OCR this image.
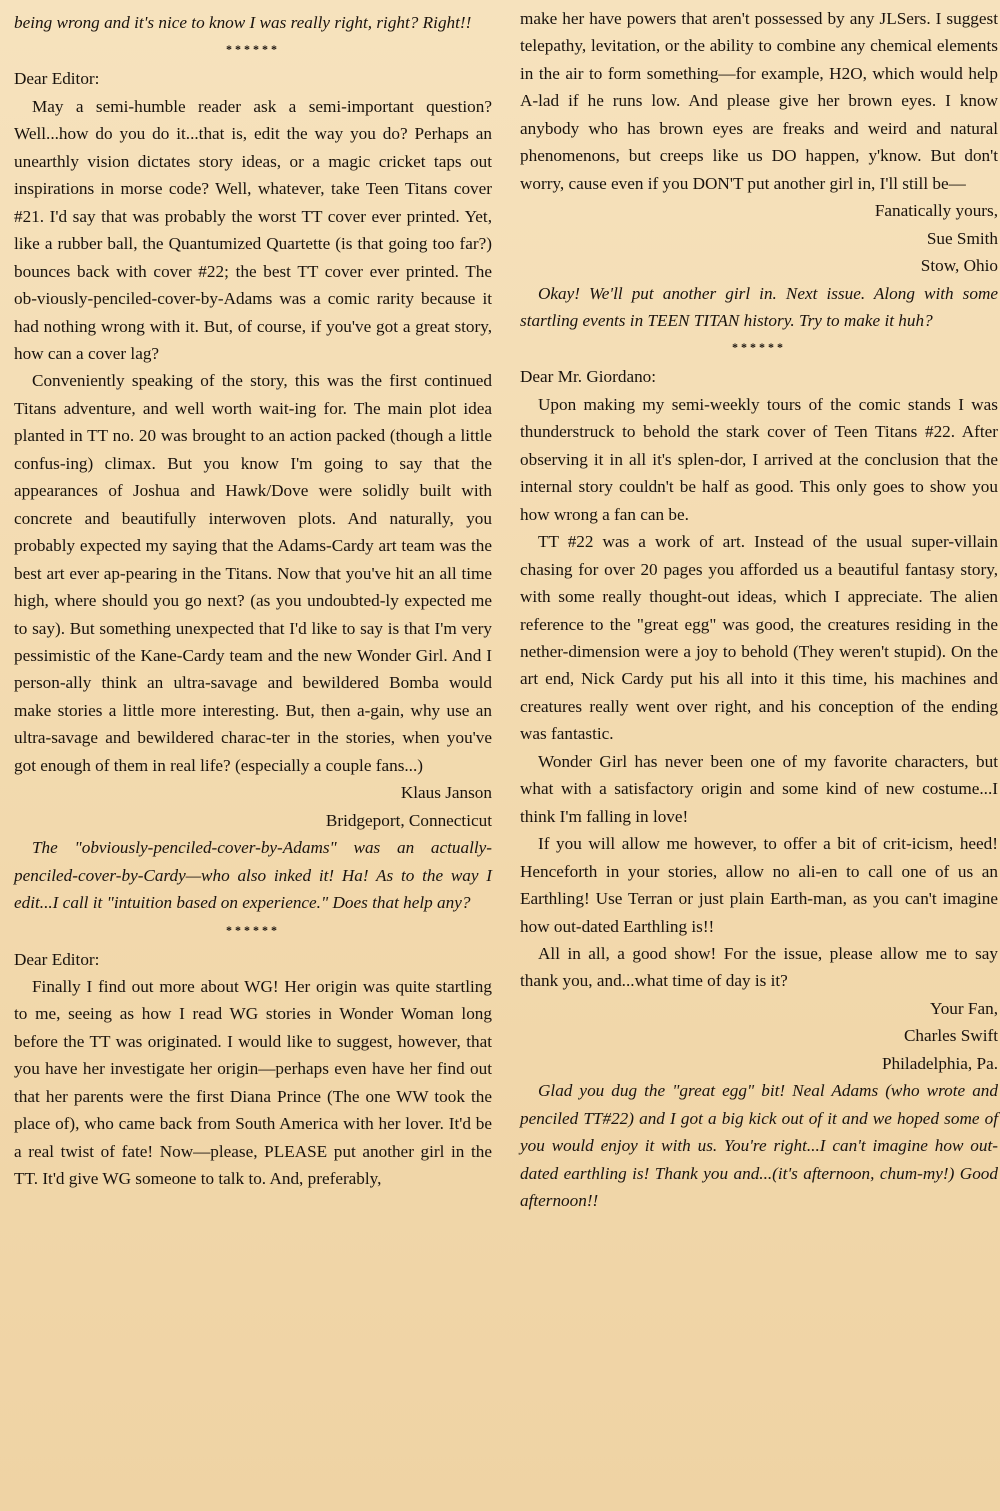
being wrong and it's nice to know I was really right, right? Right!!

******

Dear Editor:

May a semi-humble reader ask a semi-important question? Well...how do you do it...that is, edit the way you do? Perhaps an unearthly vision dictates story ideas, or a magic cricket taps out inspirations in morse code? Well, whatever, take Teen Titans cover #21. I'd say that was probably the worst TT cover ever printed. Yet, like a rubber ball, the Quantumized Quartette (is that going too far?) bounces back with cover #22; the best TT cover ever printed. The ob-viously-penciled-cover-by-Adams was a comic rarity because it had nothing wrong with it. But, of course, if you've got a great story, how can a cover lag?

Conveniently speaking of the story, this was the first continued Titans adventure, and well worth wait-ing for. The main plot idea planted in TT no. 20 was brought to an action packed (though a little confus-ing) climax. But you know I'm going to say that the appearances of Joshua and Hawk/Dove were solidly built with concrete and beautifully interwoven plots. And naturally, you probably expected my saying that the Adams-Cardy art team was the best art ever ap-pearing in the Titans. Now that you've hit an all time high, where should you go next? (as you undoubted-ly expected me to say). But something unexpected that I'd like to say is that I'm very pessimistic of the Kane-Cardy team and the new Wonder Girl. And I person-ally think an ultra-savage and bewildered Bomba would make stories a little more interesting. But, then a-gain, why use an ultra-savage and bewildered charac-ter in the stories, when you've got enough of them in real life? (especially a couple fans...)

Klaus Janson
Bridgeport, Connecticut

The "obviously-penciled-cover-by-Adams" was an actually-penciled-cover-by-Cardy—who also inked it! Ha! As to the way I edit...I call it "intuition based on experience." Does that help any?

******

Dear Editor:

Finally I find out more about WG! Her origin was quite startling to me, seeing as how I read WG stories in Wonder Woman long before the TT was originated. I would like to suggest, however, that you have her investigate her origin—perhaps even have her find out that her parents were the first Diana Prince (The one WW took the place of), who came back from South America with her lover. It'd be a real twist of fate! Now—please, PLEASE put another girl in the TT. It'd give WG someone to talk to. And, preferably,

make her have powers that aren't possessed by any JLSers. I suggest telepathy, levitation, or the ability to combine any chemical elements in the air to form something—for example, H2O, which would help A-lad if he runs low. And please give her brown eyes. I know anybody who has brown eyes are freaks and weird and natural phenomenons, but creeps like us DO happen, y'know. But don't worry, cause even if you DON'T put another girl in, I'll still be—

Fanatically yours,
Sue Smith
Stow, Ohio

Okay! We'll put another girl in. Next issue. Along with some startling events in TEEN TITAN history. Try to make it huh?

******

Dear Mr. Giordano:

Upon making my semi-weekly tours of the comic stands I was thunderstruck to behold the stark cover of Teen Titans #22. After observing it in all it's splen-dor, I arrived at the conclusion that the internal story couldn't be half as good. This only goes to show you how wrong a fan can be.

TT #22 was a work of art. Instead of the usual super-villain chasing for over 20 pages you afforded us a beautiful fantasy story, with some really thought-out ideas, which I appreciate. The alien reference to the "great egg" was good, the creatures residing in the nether-dimension were a joy to behold (They weren't stupid). On the art end, Nick Cardy put his all into it this time, his machines and creatures really went over right, and his conception of the ending was fantastic.

Wonder Girl has never been one of my favorite characters, but what with a satisfactory origin and some kind of new costume...I think I'm falling in love!

If you will allow me however, to offer a bit of crit-icism, heed! Henceforth in your stories, allow no ali-en to call one of us an Earthling! Use Terran or just plain Earth-man, as you can't imagine how out-dated Earthling is!!

All in all, a good show! For the issue, please allow me to say thank you, and...what time of day is it?

Your Fan,
Charles Swift
Philadelphia, Pa.

Glad you dug the "great egg" bit! Neal Adams (who wrote and penciled TT#22) and I got a big kick out of it and we hoped some of you would enjoy it with us. You're right...I can't imagine how out-dated earthling is! Thank you and...(it's afternoon, chum-my!) Good afternoon!!
